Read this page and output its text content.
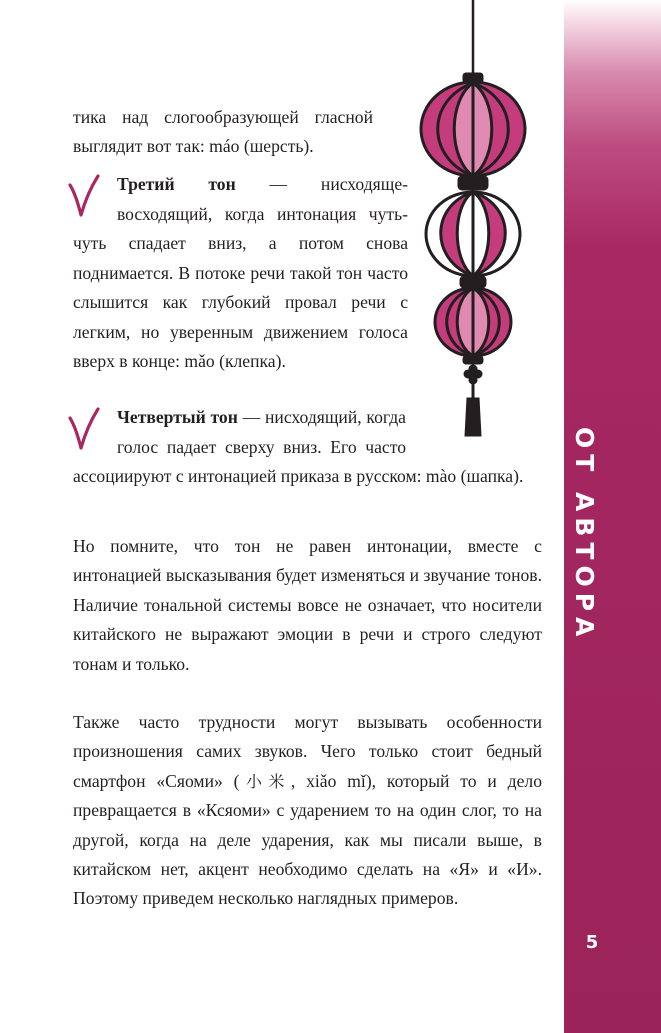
ОТ АВТОРА
5

тика над слогообразующей гласной выглядит вот так: máo (шерсть).

Третий тон — нисходяще-восходящий, когда интонация чуть-чуть спадает вниз, а потом снова поднимается. В потоке речи такой тон часто слышится как глубокий провал речи с легким, но уверенным движением голоса вверх в конце: mǎo (клепка).
Четвертый тон — нисходящий, когда голос падает сверху вниз. Его часто ассоциируют с интонацией приказа в русском: mào (шапка).

Но помните, что тон не равен интонации, вместе с интонацией высказывания будет изменяться и звучание тонов. Наличие тональной системы вовсе не означает, что носители китайского не выражают эмоции в речи и строго следуют тонам и только.

Также часто трудности могут вызывать особенности произношения самих звуков. Чего только стоит бедный смартфон «Сяоми» (小米, xiǎo mǐ), который то и дело превращается в «Ксяоми» с ударением то на один слог, то на другой, когда на деле ударения, как мы писали выше, в китайском нет, акцент необходимо сделать на «Я» и «И». Поэтому приведем несколько наглядных примеров.
